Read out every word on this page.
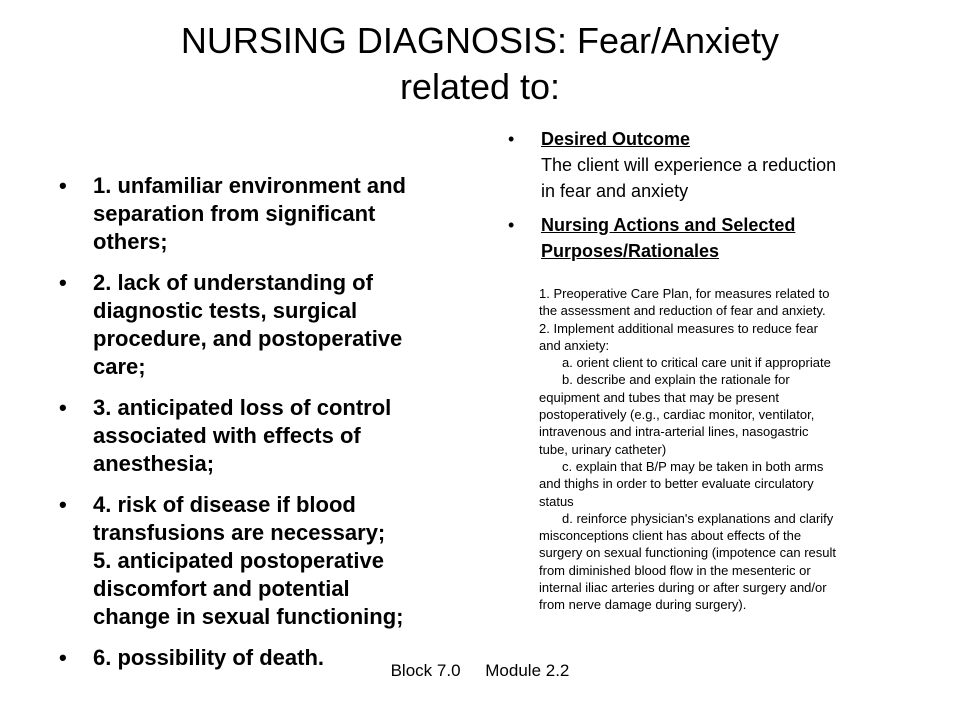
NURSING DIAGNOSIS: Fear/Anxiety
related to:
• 1. unfamiliar environment and
separation from significant
others;
• 2. lack of understanding of
diagnostic tests, surgical
procedure, and postoperative
care;
• 3. anticipated loss of control
associated with effects of
anesthesia;
• 4. risk of disease if blood
transfusions are necessary;
5. anticipated postoperative
discomfort and potential
change in sexual functioning;
• 6. possibility of death.
• Desired Outcome
The client will experience a reduction
in fear and anxiety
• Nursing Actions and Selected
Purposes/Rationales
1. Preoperative Care Plan, for measures related to
the assessment and reduction of fear and anxiety.
2. Implement additional measures to reduce fear
and anxiety:
a. orient client to critical care unit if appropriate
b. describe and explain the rationale for
equipment and tubes that may be present
postoperatively (e.g., cardiac monitor, ventilator,
intravenous and intra-arterial lines, nasogastric
tube, urinary catheter)
c. explain that B/P may be taken in both arms
and thighs in order to better evaluate circulatory
status
d. reinforce physician's explanations and clarify
misconceptions client has about effects of the
surgery on sexual functioning (impotence can result
from diminished blood flow in the mesenteric or
internal iliac arteries during or after surgery and/or
from nerve damage during surgery).
Block 7.0 Module 2.2
